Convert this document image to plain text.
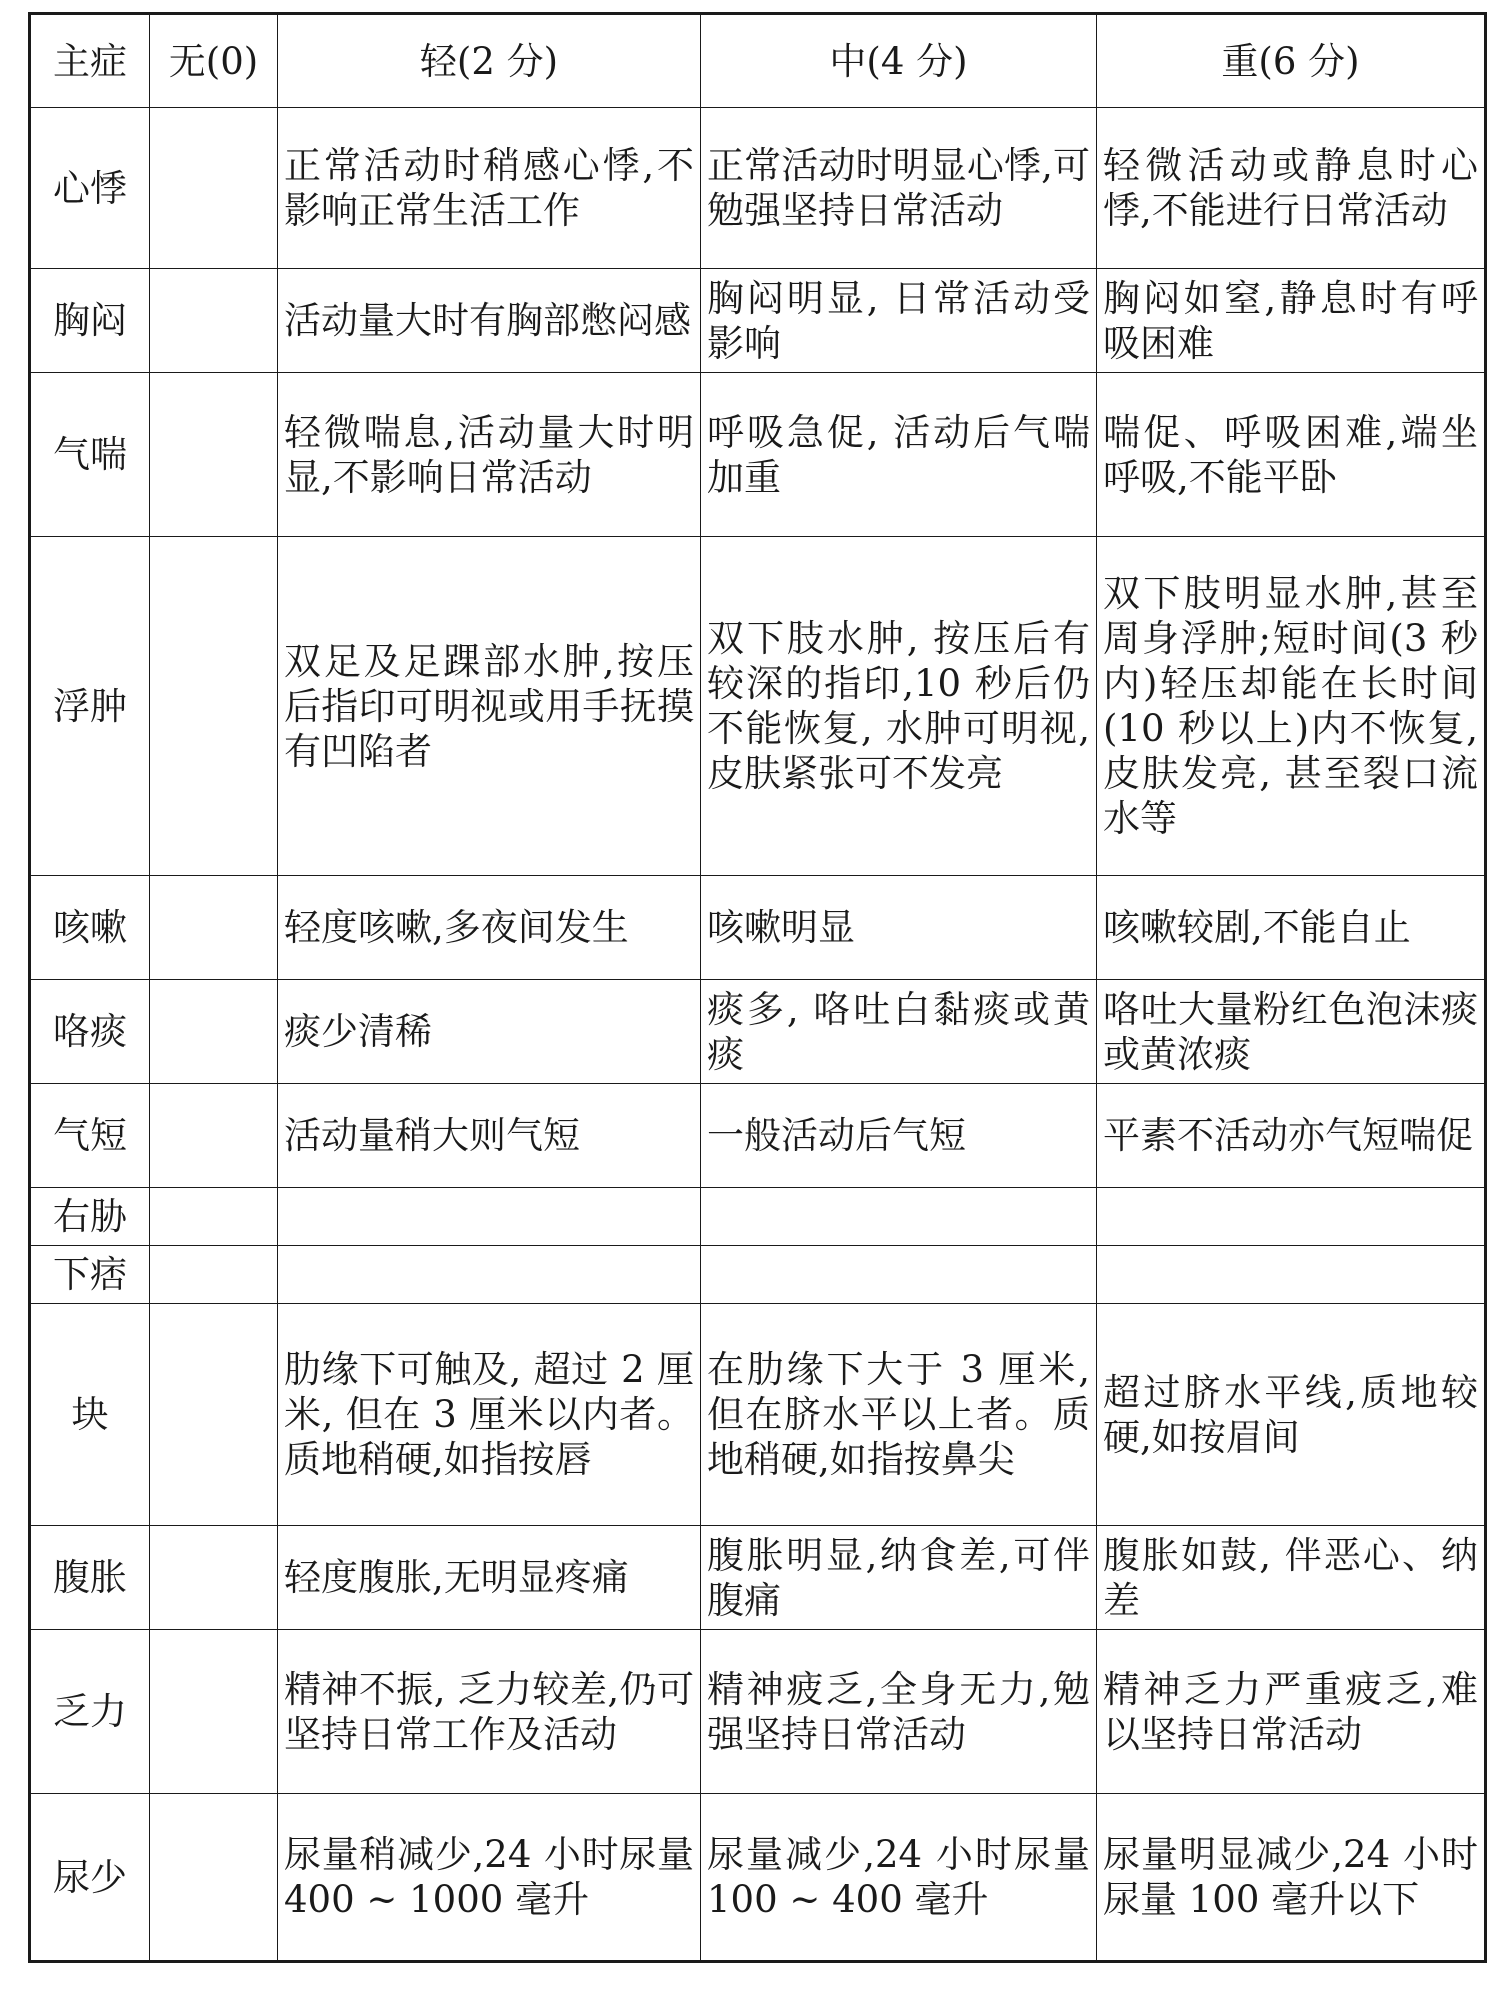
主症	无(0)	轻(2 分)	中(4 分)	重(6 分)
心悸		正常活动时稍感心悸,不影响正常生活工作	正常活动时明显心悸,可勉强坚持日常活动	轻微活动或静息时心悸,不能进行日常活动
胸闷		活动量大时有胸部憋闷感	胸闷明显, 日常活动受影响	胸闷如窒,静息时有呼吸困难
气喘		轻微喘息,活动量大时明显,不影响日常活动	呼吸急促, 活动后气喘加重	喘促、呼吸困难,端坐呼吸,不能平卧
浮肿		双足及足踝部水肿,按压后指印可明视或用手抚摸有凹陷者	双下肢水肿, 按压后有较深的指印,10 秒后仍不能恢复, 水肿可明视, 皮肤紧张可不发亮	双下肢明显水肿,甚至周身浮肿;短时间(3 秒内)轻压却能在长时间(10 秒以上)内不恢复,皮肤发亮, 甚至裂口流水等
咳嗽		轻度咳嗽,多夜间发生	咳嗽明显	咳嗽较剧,不能自止
咯痰		痰少清稀	痰多, 咯吐白黏痰或黄痰	咯吐大量粉红色泡沫痰或黄浓痰
气短		活动量稍大则气短	一般活动后气短	平素不活动亦气短喘促
右胁				
下痞				
块		肋缘下可触及, 超过 2 厘米, 但在 3 厘米以内者。质地稍硬,如指按唇	在肋缘下大于 3 厘米, 但在脐水平以上者。质地稍硬,如指按鼻尖	超过脐水平线,质地较硬,如按眉间
腹胀		轻度腹胀,无明显疼痛	腹胀明显,纳食差,可伴腹痛	腹胀如鼓, 伴恶心、纳差
乏力		精神不振, 乏力较差,仍可坚持日常工作及活动	精神疲乏,全身无力,勉强坚持日常活动	精神乏力严重疲乏,难以坚持日常活动
尿少		尿量稍减少,24 小时尿量 400 ~ 1000 毫升	尿量减少,24 小时尿量 100 ~ 400 毫升	尿量明显减少,24 小时尿量 100 毫升以下
